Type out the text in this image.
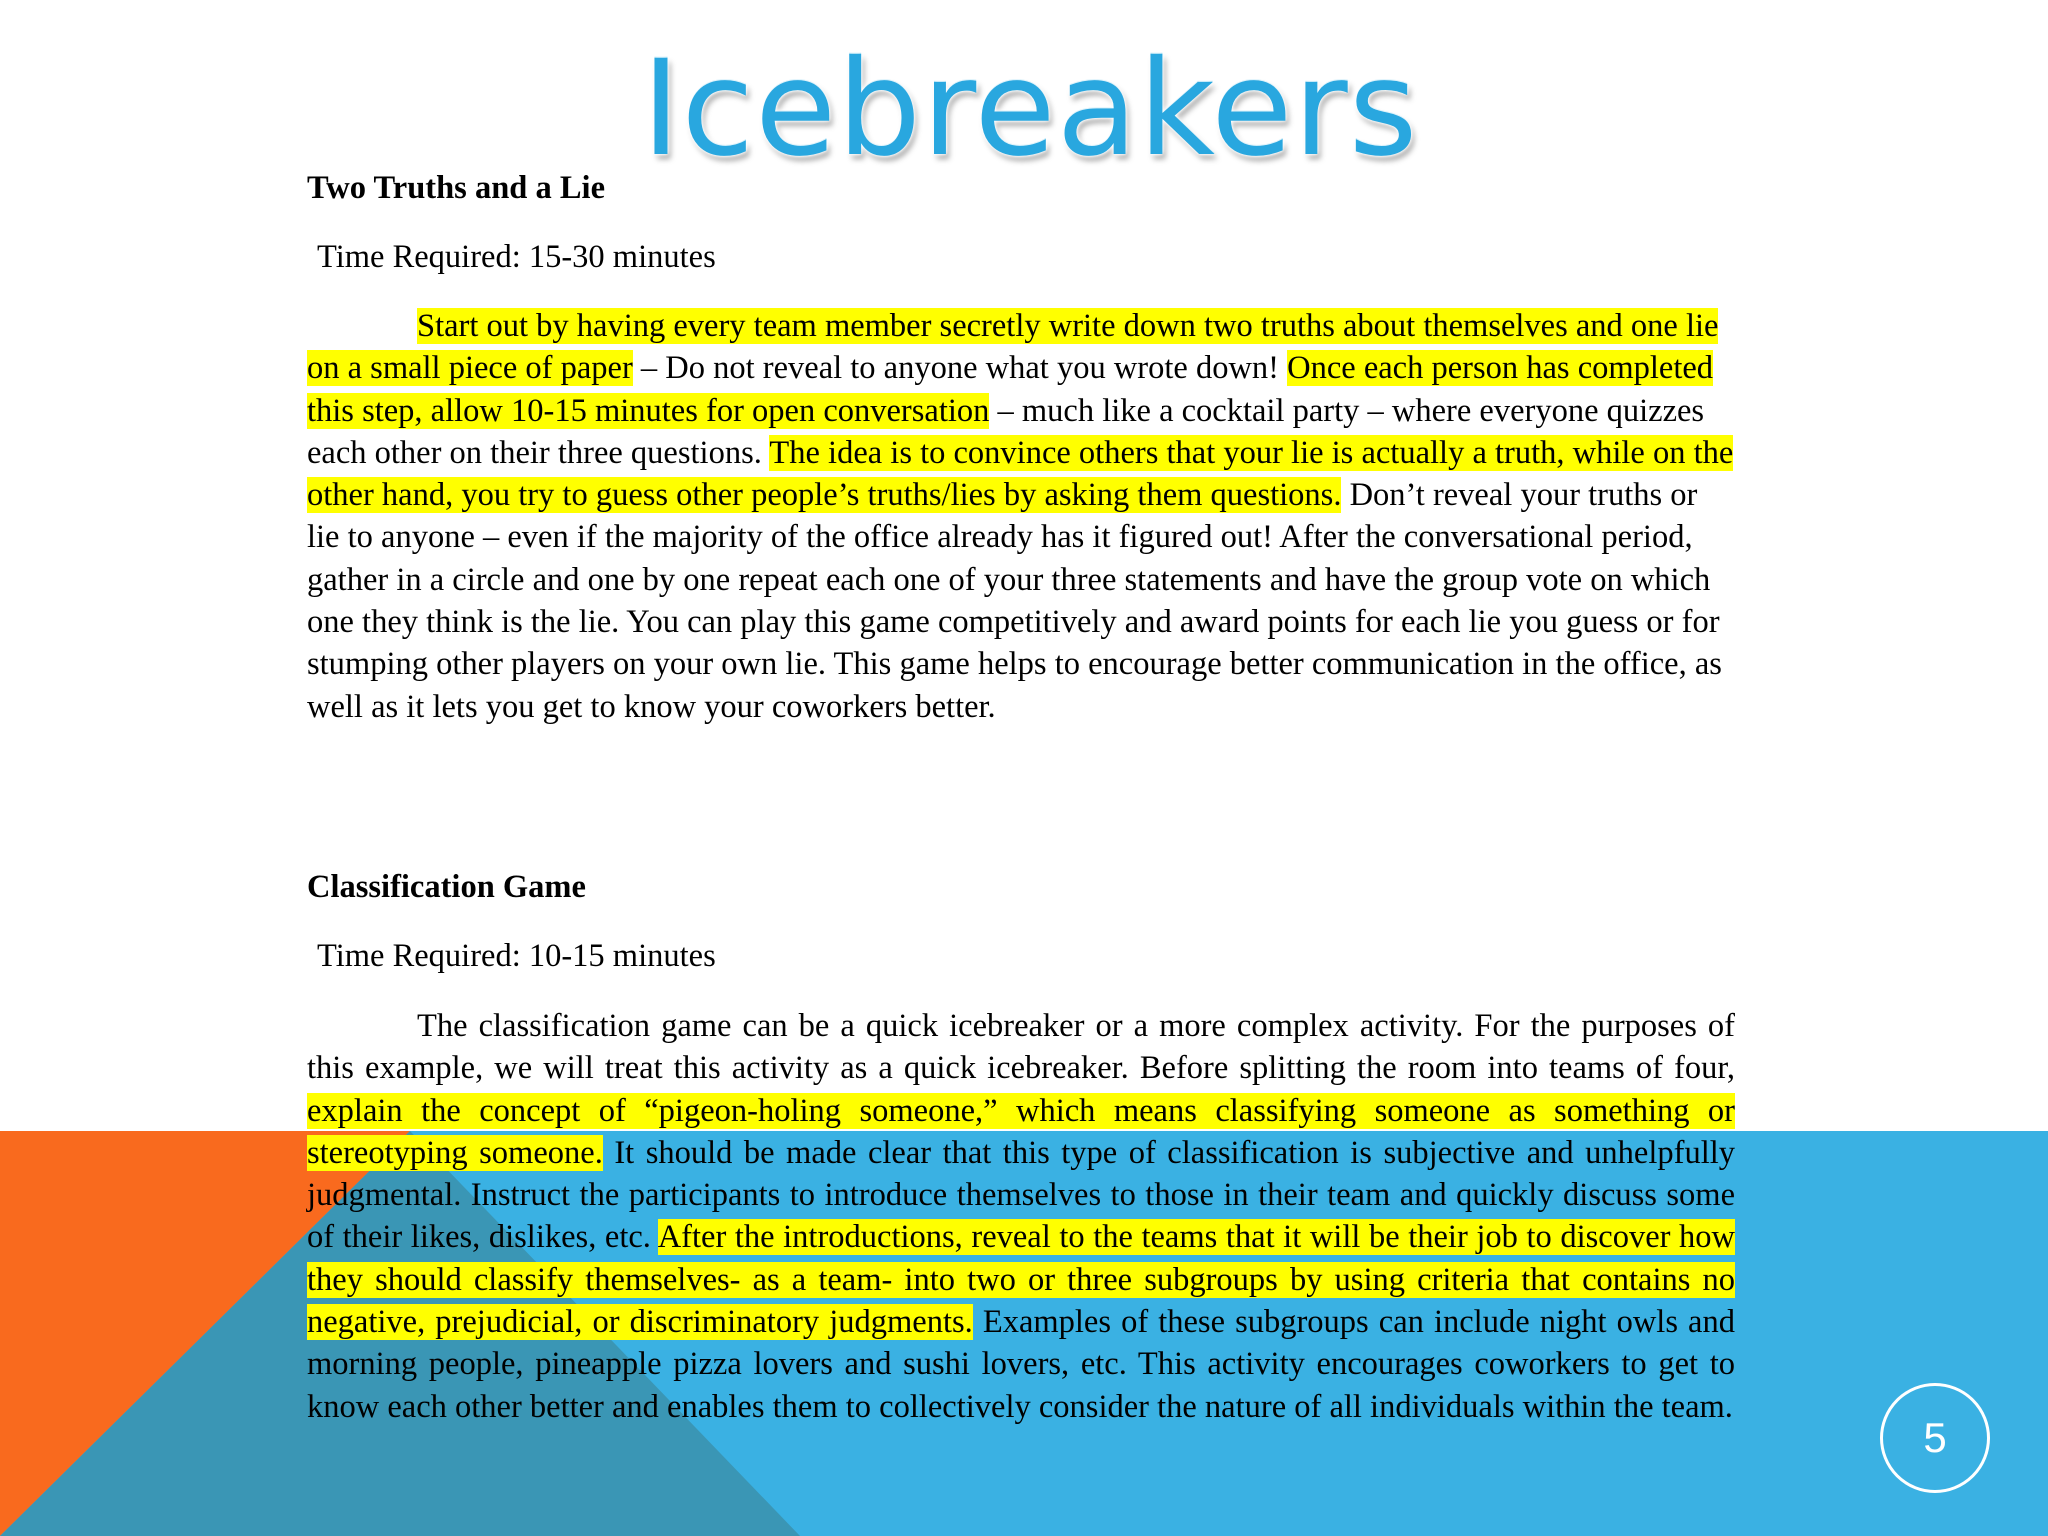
Icebreakers
Two Truths and a Lie
Time Required: 15-30 minutes

Start out by having every team member secretly write down two truths about themselves and one lie on a small piece of paper – Do not reveal to anyone what you wrote down! Once each person has completed this step, allow 10-15 minutes for open conversation – much like a cocktail party – where everyone quizzes each other on their three questions. The idea is to convince others that your lie is actually a truth, while on the other hand, you try to guess other people’s truths/lies by asking them questions. Don’t reveal your truths or lie to anyone – even if the majority of the office already has it figured out! After the conversational period, gather in a circle and one by one repeat each one of your three statements and have the group vote on which one they think is the lie. You can play this game competitively and award points for each lie you guess or for stumping other players on your own lie. This game helps to encourage better communication in the office, as well as it lets you get to know your coworkers better.

Classification Game
Time Required: 10-15 minutes

The classification game can be a quick icebreaker or a more complex activity. For the purposes of this example, we will treat this activity as a quick icebreaker. Before splitting the room into teams of four, explain the concept of “pigeon-holing someone,” which means classifying someone as something or stereotyping someone. It should be made clear that this type of classification is subjective and unhelpfully judgmental. Instruct the participants to introduce themselves to those in their team and quickly discuss some of their likes, dislikes, etc. After the introductions, reveal to the teams that it will be their job to discover how they should classify themselves- as a team- into two or three subgroups by using criteria that contains no negative, prejudicial, or discriminatory judgments. Examples of these subgroups can include night owls and morning people, pineapple pizza lovers and sushi lovers, etc. This activity encourages coworkers to get to know each other better and enables them to collectively consider the nature of all individuals within the team.

5
